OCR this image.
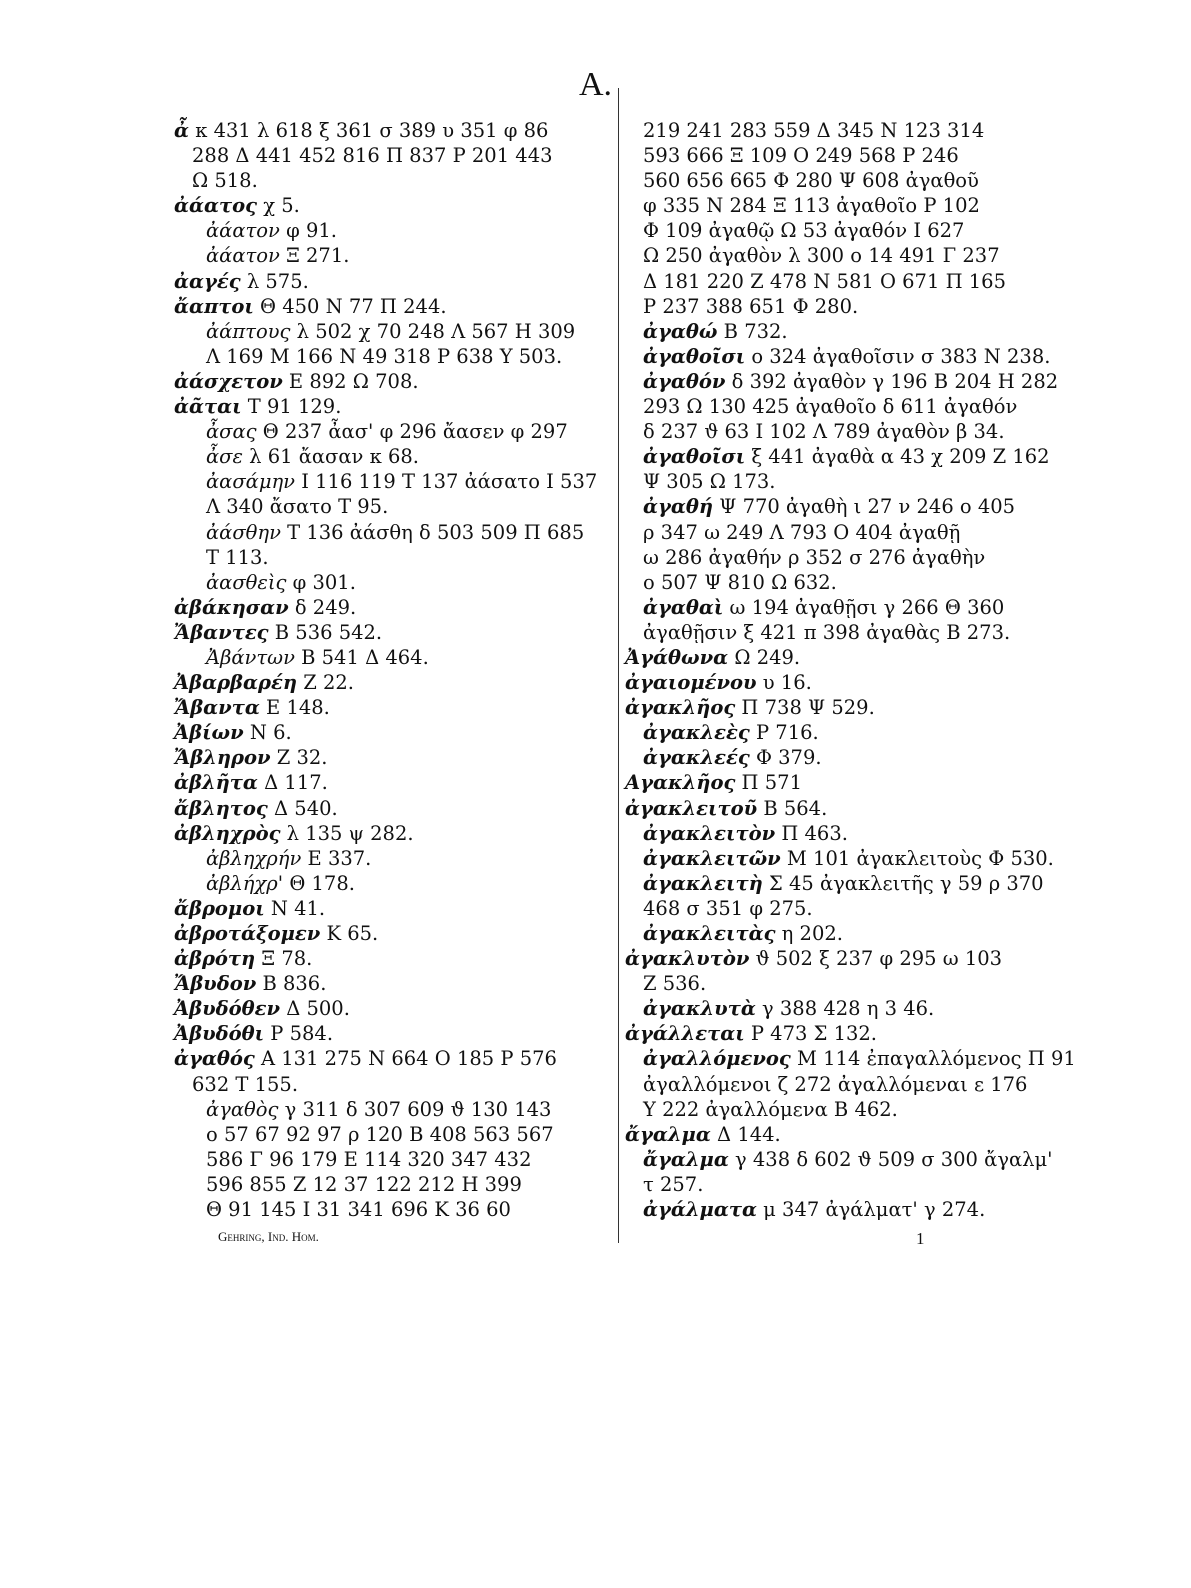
A.
ἆ κ 431 λ 618 ξ 361 σ 389 υ 351 φ 86
288 Δ 441 452 816 Π 837 Ρ 201 443
Ω 518.
ἀάατος χ 5.
ἀάατον φ 91.
ἀάατον Ξ 271.
ἀαγές λ 575.
ἄαπτοι Θ 450 Ν 77 Π 244.
ἀάπτους λ 502 χ 70 248 Λ 567 Η 309
Λ 169 Μ 166 Ν 49 318 Ρ 638 Υ 503.
ἀάσχετον Ε 892 Ω 708.
ἀᾶται Τ 91 129.
ἆσας Θ 237 ἆασ' φ 296 ἄασεν φ 297
ἆσε λ 61 ἄασαν κ 68.
ἀασάμην Ι 116 119 Τ 137 ἀάσατο Ι 537
Λ 340 ἄσατο Τ 95.
ἀάσθην Τ 136 ἀάσθη δ 503 509 Π 685
Τ 113.
ἀασθεὶς φ 301.
ἀβάκησαν δ 249.
Ἄβαντες Β 536 542.
Ἀβάντων Β 541 Δ 464.
Ἀβαρβαρέη Ζ 22.
Ἄβαντα Ε 148.
Ἀβίων Ν 6.
Ἄβληρον Ζ 32.
ἀβλῆτα Δ 117.
ἄβλητος Δ 540.
ἀβληχρὸς λ 135 ψ 282.
ἀβληχρήν Ε 337.
ἀβλήχρ' Θ 178.
ἄβρομοι Ν 41.
ἀβροτάξομεν Κ 65.
ἀβρότη Ξ 78.
Ἄβυδον Β 836.
Ἀβυδόθεν Δ 500.
Ἀβυδόθι Ρ 584.
ἀγαθός Α 131 275 Ν 664 Ο 185 Ρ 576
632 Τ 155.
ἀγαθὸς γ 311 δ 307 609 ϑ 130 143
ο 57 67 92 97 ρ 120 Β 408 563 567
586 Γ 96 179 Ε 114 320 347 432
596 855 Ζ 12 37 122 212 Η 399
Θ 91 145 Ι 31 341 696 Κ 36 60
219 241 283 559 Δ 345 Ν 123 314
593 666 Ξ 109 Ο 249 568 Ρ 246
560 656 665 Φ 280 Ψ 608 ἀγαθοῦ
φ 335 Ν 284 Ξ 113 ἀγαθοῖο Ρ 102
Φ 109 ἀγαθῷ Ω 53 ἀγαθόν Ι 627
Ω 250 ἀγαθὸν λ 300 ο 14 491 Γ 237
Δ 181 220 Ζ 478 Ν 581 Ο 671 Π 165
Ρ 237 388 651 Φ 280.
ἀγαθώ Β 732.
ἀγαθοῖσι ο 324 ἀγαθοῖσιν σ 383 Ν 238.
ἀγαθόν δ 392 ἀγαθὸν γ 196 Β 204 Η 282
293 Ω 130 425 ἀγαθοῖο δ 611 ἀγαθόν
δ 237 ϑ 63 Ι 102 Λ 789 ἀγαθὸν β 34.
ἀγαθοῖσι ξ 441 ἀγαθὰ α 43 χ 209 Ζ 162
Ψ 305 Ω 173.
ἀγαθή Ψ 770 ἀγαθὴ ι 27 ν 246 ο 405
ρ 347 ω 249 Λ 793 Ο 404 ἀγαθῇ
ω 286 ἀγαθήν ρ 352 σ 276 ἀγαθὴν
ο 507 Ψ 810 Ω 632.
ἀγαθαὶ ω 194 ἀγαθῇσι γ 266 Θ 360
ἀγαθῇσιν ξ 421 π 398 ἀγαθὰς Β 273.
Ἀγάθωνα Ω 249.
ἀγαιομένου υ 16.
ἀγακλῆος Π 738 Ψ 529.
ἀγακλεὲς Ρ 716.
ἀγακλεές Φ 379.
Αγακλῆος Π 571
ἀγακλειτοῦ Β 564.
ἀγακλειτὸν Π 463.
ἀγακλειτῶν Μ 101 ἀγακλειτοὺς Φ 530.
ἀγακλειτὴ Σ 45 ἀγακλειτῆς γ 59 ρ 370
468 σ 351 φ 275.
ἀγακλειτὰς η 202.
ἀγακλυτὸν ϑ 502 ξ 237 φ 295 ω 103
Ζ 536.
ἀγακλυτὰ γ 388 428 η 3 46.
ἀγάλλεται Ρ 473 Σ 132.
ἀγαλλόμενος Μ 114 ἐπαγαλλόμενος Π 91
ἀγαλλόμενοι ζ 272 ἀγαλλόμεναι ε 176
Υ 222 ἀγαλλόμενα Β 462.
ἄγαλμα Δ 144.
ἄγαλμα γ 438 δ 602 ϑ 509 σ 300 ἄγαλμ'
τ 257.
ἀγάλματα μ 347 ἀγάλματ' γ 274.
Gehring, Ind. Hom.	1
